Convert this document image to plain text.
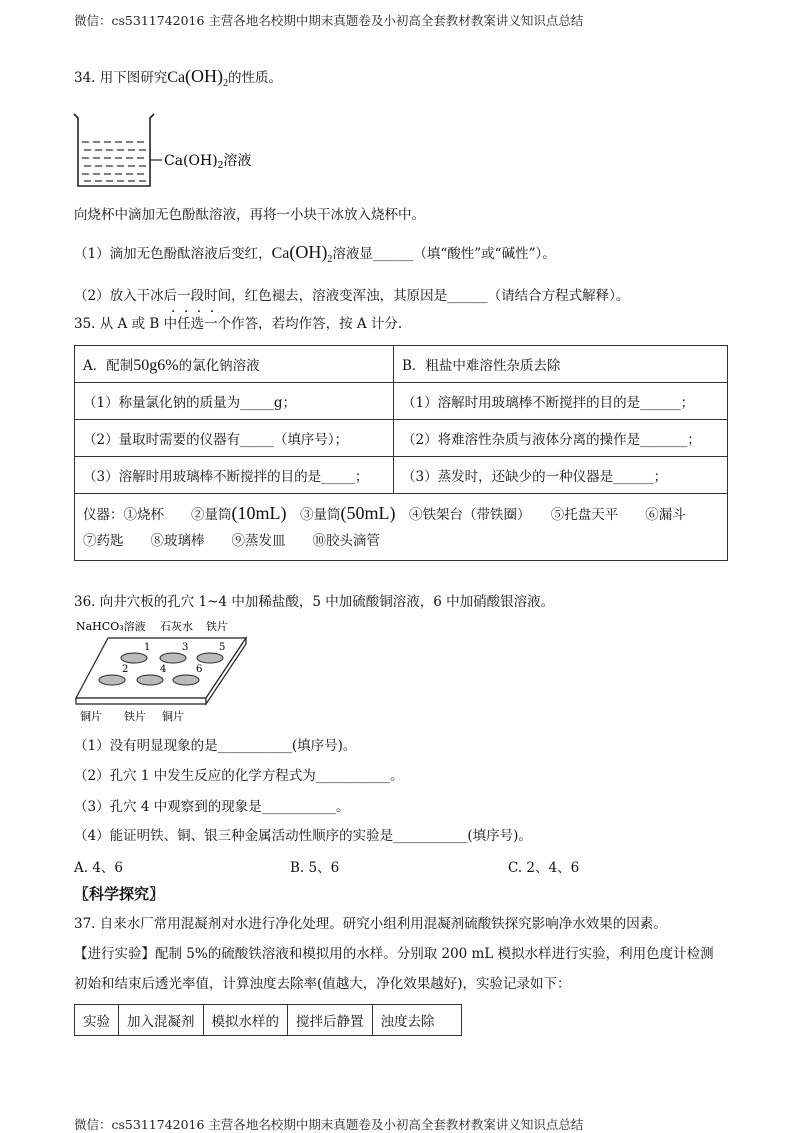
微信：cs5311742016 主营各地名校期中期末真题卷及小初高全套教材教案讲义知识点总结
34. 用下图研究$Ca(OH)_2$的性质。
$Ca(OH)_2$溶液
向烧杯中滴加无色酚酞溶液，再将一小块干冰放入烧杯中。
（1）滴加无色酚酞溶液后变红，$Ca(OH)_2$溶液显______（填“酸性”或“碱性”）。
（2）放入干冰后一段时间，红色褪去，溶液变浑浊，其原因是______（请结合方程式解释）。
· · · ·
35. 从 A 或 B 中任选一个作答，若均作答，按 A 计分.
A．配制50g6%的氯化钠溶液	B．粗盐中难溶性杂质去除
（1）称量氯化钠的质量为_____g；	（1）溶解时用玻璃棒不断搅拌的目的是______；
（2）量取时需要的仪器有_____（填序号）；	（2）将难溶性杂质与液体分离的操作是_______；
（3）溶解时用玻璃棒不断搅拌的目的是_____；	（3）蒸发时，还缺少的一种仪器是______；

仪器：①烧杯　　②量筒(10mL)　③量筒(50mL)　④铁架台（带铁圈）　　⑤托盘天平　　⑥漏斗
⑦药匙　　⑧玻璃棒　　⑨蒸发皿　　⑩胶头滴管	
36. 向井穴板的孔穴 1~4 中加稀盐酸，5 中加硫酸铜溶液，6 中加硝酸银溶液。
NaHCO₃溶液 石灰水 铁片
1	3	5
2	4	6
铜片 铁片 铜片
（1）没有明显现象的是___________(填序号)。
（2）孔穴 1 中发生反应的化学方程式为___________。
（3）孔穴 4 中观察到的现象是___________。
（4）能证明铁、铜、银三种金属活动性顺序的实验是___________(填序号)。
A. 4、6	B. 5、6	C. 2、4、6
〖科学探究〗
37. 自来水厂常用混凝剂对水进行净化处理。研究小组利用混凝剂硫酸铁探究影响净水效果的因素。
【进行实验】配制 5%的硫酸铁溶液和模拟用的水样。分别取 200 mL 模拟水样进行实验，利用色度计检测
初始和结束后透光率值，计算浊度去除率(值越大，净化效果越好)，实验记录如下：
实验	加入混凝剂	模拟水样的	搅拌后静置	浊度去除
微信：cs5311742016 主营各地名校期中期末真题卷及小初高全套教材教案讲义知识点总结
